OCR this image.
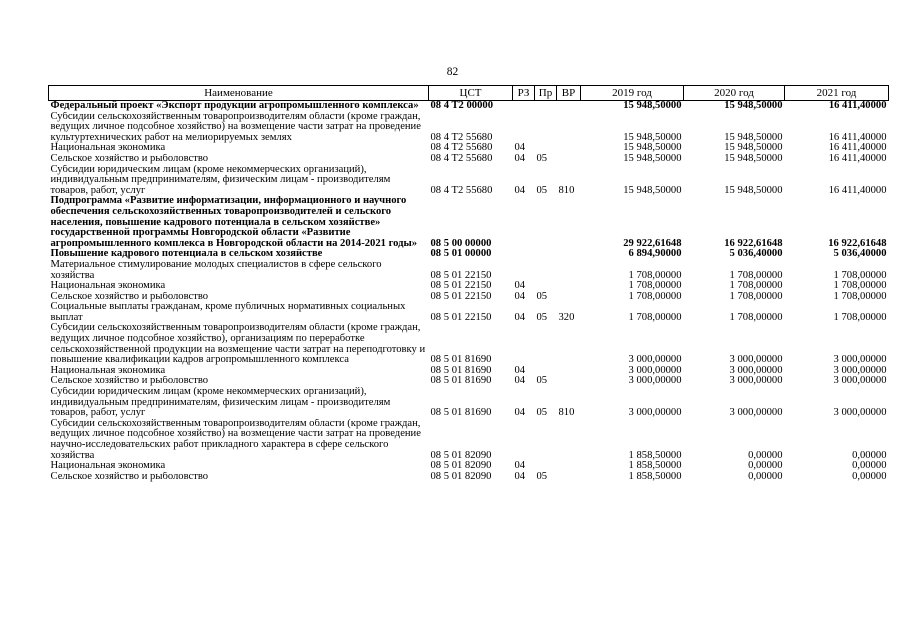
82
Наименование	ЦСТ	РЗ	Пр	ВР	2019 год	2020 год	2021 год
Федеральный проект «Экспорт продукции агропромышленного комплекса»	08 4 T2 00000				15 948,50000	15 948,50000	16 411,40000
Субсидии сельскохозяйственным товаропроизводителям области (кроме граждан, ведущих личное подсобное хозяйство) на возмещение части затрат на проведение культуртехнических работ на мелиорируемых землях	08 4 T2 55680				15 948,50000	15 948,50000	16 411,40000
Национальная экономика	08 4 T2 55680	04			15 948,50000	15 948,50000	16 411,40000
Сельское хозяйство и рыболовство	08 4 T2 55680	04	05		15 948,50000	15 948,50000	16 411,40000
Субсидии юридическим лицам (кроме некоммерческих организаций), индивидуальным предпринимателям, физическим лицам - производителям товаров, работ, услуг	08 4 T2 55680	04	05	810	15 948,50000	15 948,50000	16 411,40000
Подпрограмма «Развитие информатизации, информационного и научного обеспечения сельскохозяйственных товаропроизводителей и сельского населения, повышение кадрового потенциала в сельском хозяйстве» государственной программы Новгородской области «Развитие агропромышленного комплекса в Новгородской области на 2014-2021 годы»	08 5 00 00000				29 922,61648	16 922,61648	16 922,61648
Повышение кадрового потенциала в сельском хозяйстве	08 5 01 00000				6 894,90000	5 036,40000	5 036,40000
Материальное стимулирование молодых специалистов в сфере сельского хозяйства	08 5 01 22150				1 708,00000	1 708,00000	1 708,00000
Национальная экономика	08 5 01 22150	04			1 708,00000	1 708,00000	1 708,00000
Сельское хозяйство и рыболовство	08 5 01 22150	04	05		1 708,00000	1 708,00000	1 708,00000
Социальные выплаты гражданам, кроме публичных нормативных социальных выплат	08 5 01 22150	04	05	320	1 708,00000	1 708,00000	1 708,00000
Субсидии сельскохозяйственным товаропроизводителям области (кроме граждан, ведущих личное подсобное хозяйство), организациям по переработке сельскохозяйственной продукции на возмещение части затрат на переподготовку и повышение квалификации кадров агропромышленного комплекса	08 5 01 81690				3 000,00000	3 000,00000	3 000,00000
Национальная экономика	08 5 01 81690	04			3 000,00000	3 000,00000	3 000,00000
Сельское хозяйство и рыболовство	08 5 01 81690	04	05		3 000,00000	3 000,00000	3 000,00000
Субсидии юридическим лицам (кроме некоммерческих организаций), индивидуальным предпринимателям, физическим лицам - производителям товаров, работ, услуг	08 5 01 81690	04	05	810	3 000,00000	3 000,00000	3 000,00000
Субсидии сельскохозяйственным товаропроизводителям области (кроме граждан, ведущих личное подсобное хозяйство) на возмещение части затрат на проведение научно-исследовательских работ прикладного характера в сфере сельского хозяйства	08 5 01 82090				1 858,50000	0,00000	0,00000
Национальная экономика	08 5 01 82090	04			1 858,50000	0,00000	0,00000
Сельское хозяйство и рыболовство	08 5 01 82090	04	05		1 858,50000	0,00000	0,00000
